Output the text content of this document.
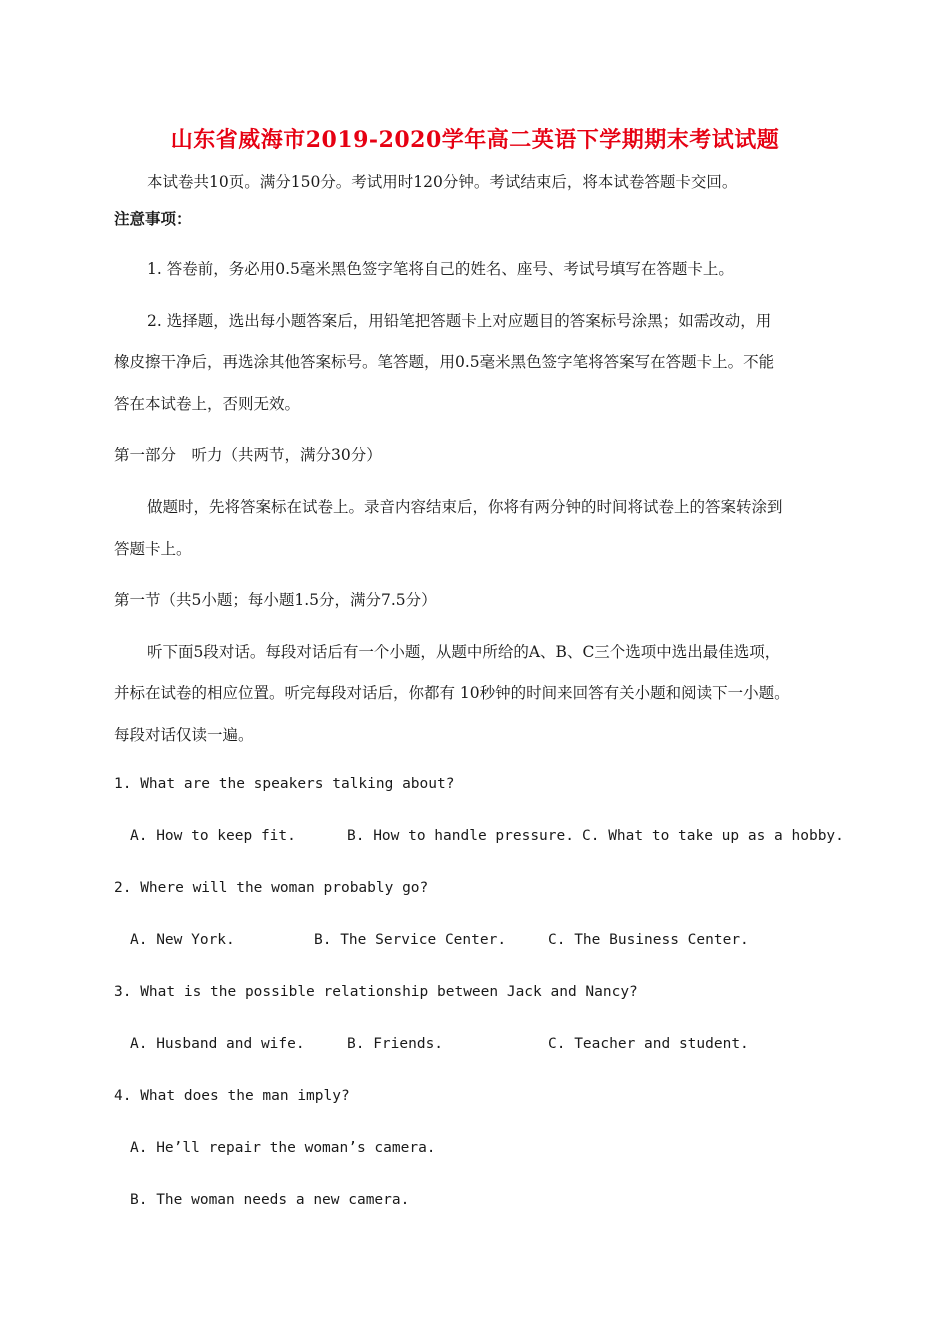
山东省威海市2019-2020学年高二英语下学期期末考试试题
本试卷共10页。满分150分。考试用时120分钟。考试结束后，将本试卷答题卡交回。
注意事项：
1. 答卷前，务必用0.5毫米黑色签字笔将自己的姓名、座号、考试号填写在答题卡上。
2. 选择题，选出每小题答案后，用铅笔把答题卡上对应题目的答案标号涂黑；如需改动，用
橡皮擦干净后，再选涂其他答案标号。笔答题，用0.5毫米黑色签字笔将答案写在答题卡上。不能
答在本试卷上，否则无效。
第一部分　听力（共两节，满分30分）
做题时，先将答案标在试卷上。录音内容结束后，你将有两分钟的时间将试卷上的答案转涂到
答题卡上。
第一节（共5小题；每小题1.5分，满分7.5分）
听下面5段对话。每段对话后有一个小题，从题中所给的A、B、C三个选项中选出最佳选项，
并标在试卷的相应位置。听完每段对话后，你都有 10秒钟的时间来回答有关小题和阅读下一小题。
每段对话仅读一遍。
1. What are the speakers talking about?
A. How to keep fit.	B. How to handle pressure. C. What to take up as a hobby.
2. Where will the woman probably go?
A. New York.	B. The Service Center.	C. The Business Center.
3. What is the possible relationship between Jack and Nancy?
A. Husband and wife.	B. Friends.	C. Teacher and student.
4. What does the man imply?
A. He’ll repair the woman’s camera.
B. The woman needs a new camera.
